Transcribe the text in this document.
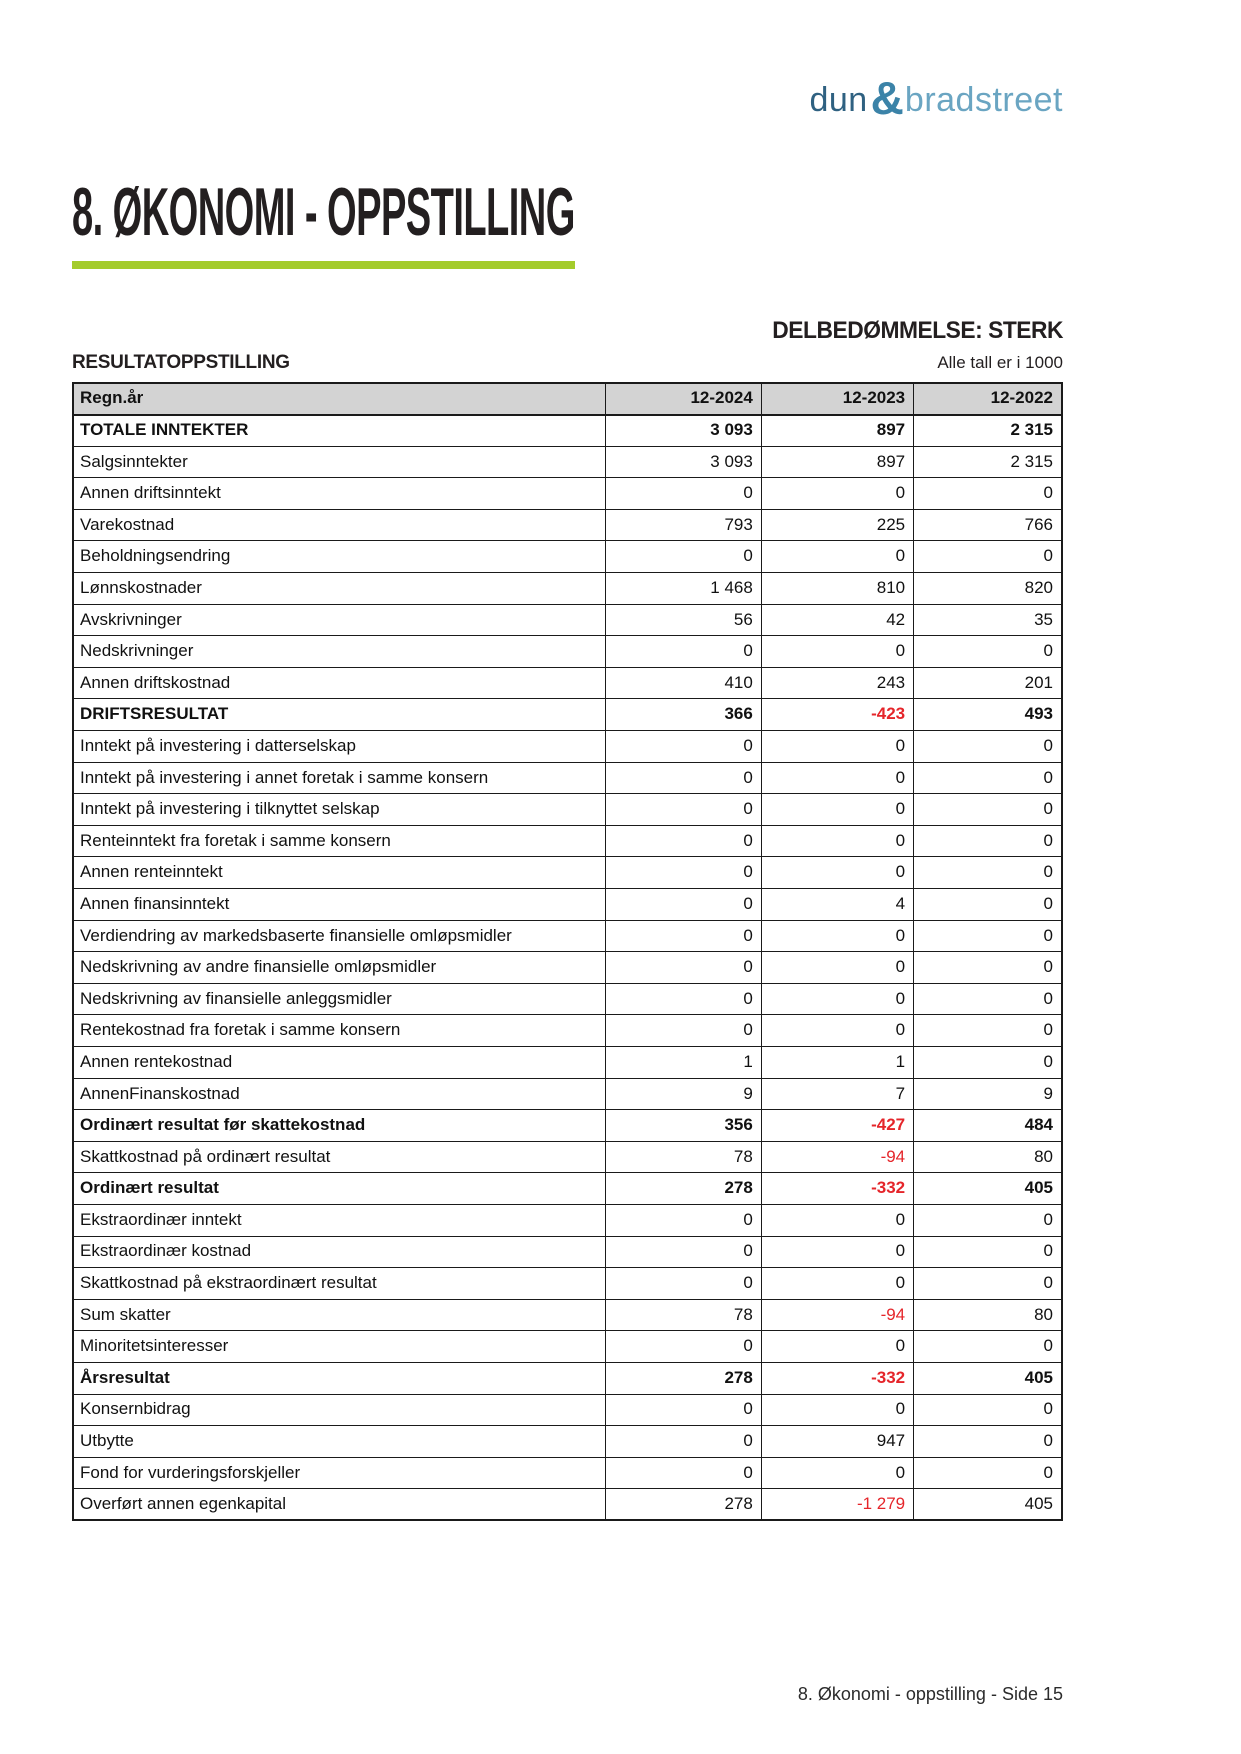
dun & bradstreet
8. ØKONOMI - OPPSTILLING
DELBEDØMMELSE: STERK
RESULTATOPPSTILLING	Alle tall er i 1000
Regn.år	12-2024	12-2023	12-2022
TOTALE INNTEKTER	3 093	897	2 315
Salgsinntekter	3 093	897	2 315
Annen driftsinntekt	0	0	0
Varekostnad	793	225	766
Beholdningsendring	0	0	0
Lønnskostnader	1 468	810	820
Avskrivninger	56	42	35
Nedskrivninger	0	0	0
Annen driftskostnad	410	243	201
DRIFTSRESULTAT	366	-423	493
Inntekt på investering i datterselskap	0	0	0
Inntekt på investering i annet foretak i samme konsern	0	0	0
Inntekt på investering i tilknyttet selskap	0	0	0
Renteinntekt fra foretak i samme konsern	0	0	0
Annen renteinntekt	0	0	0
Annen finansinntekt	0	4	0
Verdiendring av markedsbaserte finansielle omløpsmidler	0	0	0
Nedskrivning av andre finansielle omløpsmidler	0	0	0
Nedskrivning av finansielle anleggsmidler	0	0	0
Rentekostnad fra foretak i samme konsern	0	0	0
Annen rentekostnad	1	1	0
AnnenFinanskostnad	9	7	9
Ordinært resultat før skattekostnad	356	-427	484
Skattkostnad på ordinært resultat	78	-94	80
Ordinært resultat	278	-332	405
Ekstraordinær inntekt	0	0	0
Ekstraordinær kostnad	0	0	0
Skattkostnad på ekstraordinært resultat	0	0	0
Sum skatter	78	-94	80
Minoritetsinteresser	0	0	0
Årsresultat	278	-332	405
Konsernbidrag	0	0	0
Utbytte	0	947	0
Fond for vurderingsforskjeller	0	0	0
Overført annen egenkapital	278	-1 279	405
8. Økonomi - oppstilling - Side 15
